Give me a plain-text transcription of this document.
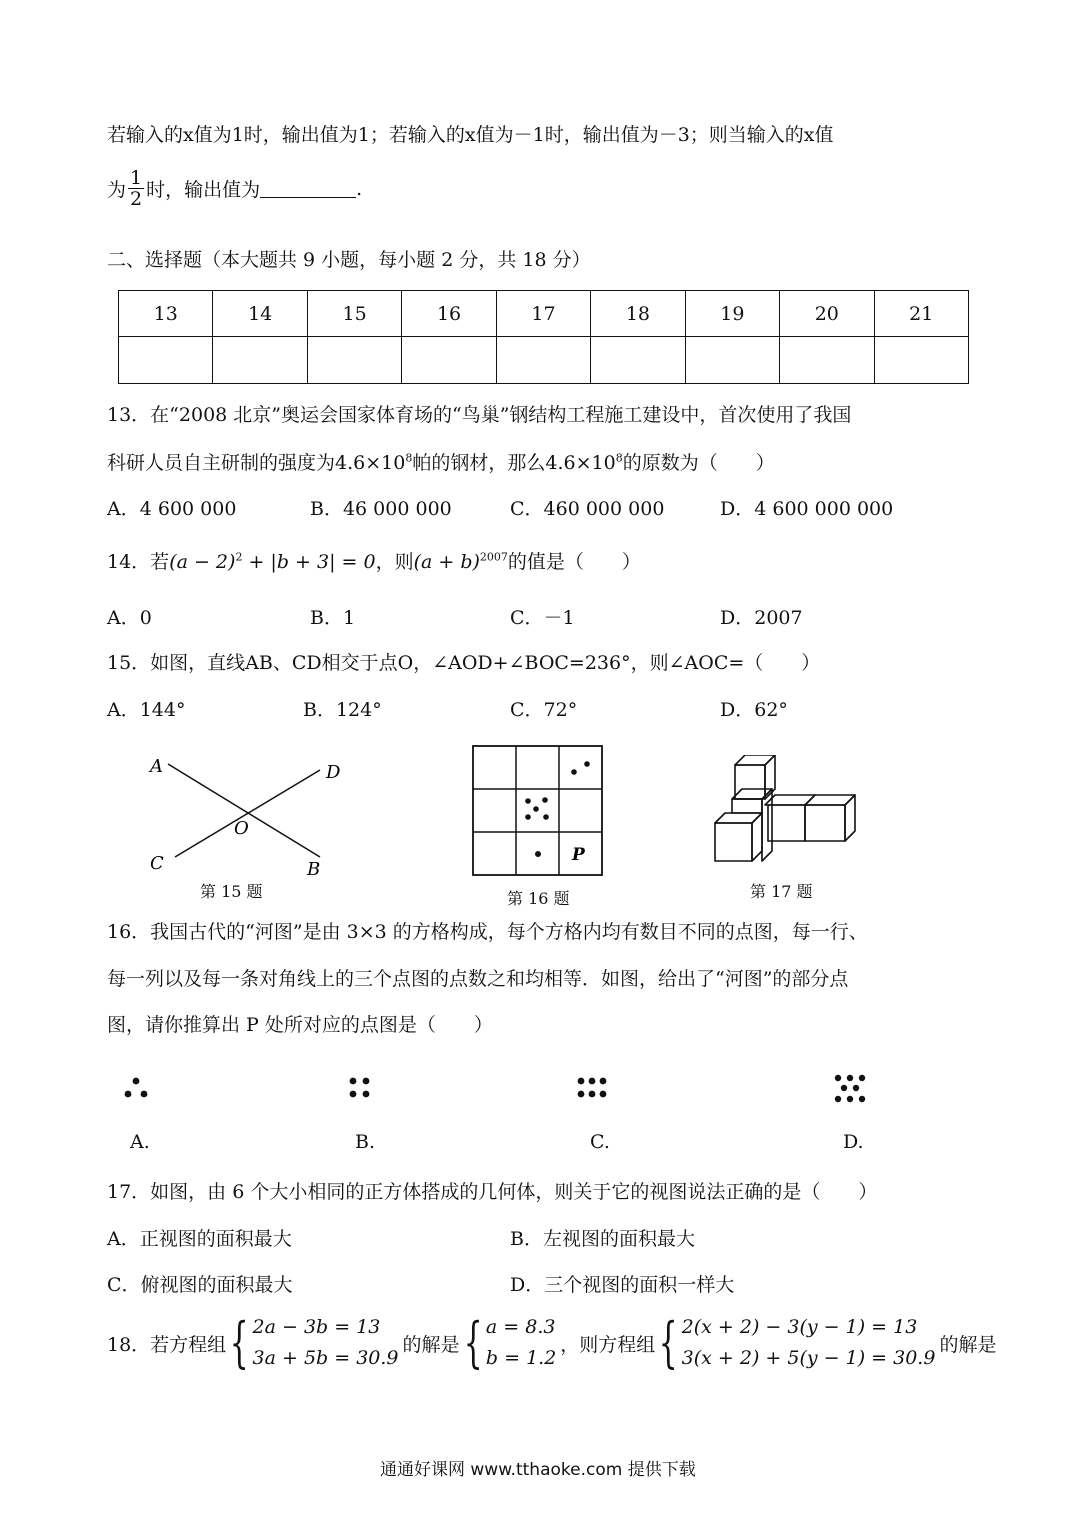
若输入的x值为1时，输出值为1；若输入的x值为－1时，输出值为－3；则当输入的x值
为 $\frac{1}{2}$ 时，输出值为	.
二、选择题（本大题共 9 小题，每小题 2 分，共 18 分）
13	14	15	16	17	18	19	20	21

13．在“2008 北京”奥运会国家体育场的“鸟巢”钢结构工程施工建设中，首次使用了我国
科研人员自主研制的强度为$4.6\times 10^8$帕的钢材，那么$4.6\times 10^8$的原数为（　　）
A．4 600 000	B．46 000 000	C．460 000 000	D．4 600 000 000
14．若$(a - 2)^2 + |b + 3| = 0$，则$(a + b)^{2007}$的值是（　　）
A．0	B．1	C．－1	D．2007
15．如图，直线AB、CD相交于点O，∠AOD+∠BOC=236°，则∠AOC=（　　）
A．144°	B．124°	C．72°	D．62°
A	D
O
C	B
第 15 题
P
第 16 题	第 17 题
16．我国古代的“河图”是由 3×3 的方格构成，每个方格内均有数目不同的点图，每一行、
每一列以及每一条对角线上的三个点图的点数之和均相等．如图，给出了“河图”的部分点
图，请你推算出 P 处所对应的点图是（　　）
A.	B.	C.	D.
17．如图，由 6 个大小相同的正方体搭成的几何体，则关于它的视图说法正确的是（　　）
A．正视图的面积最大	B．左视图的面积最大
C．俯视图的面积最大	D．三个视图的面积一样大
18．若方程组 { 2a − 3b = 13
3a + 5b = 30.9
的解是 { a = 8.3
b = 1.2
，则方程组 { 2(x + 2) − 3(y − 1) = 13
3(x + 2) + 5(y − 1) = 30.9
的解是
通通好课网 www.tthaoke.com 提供下载
